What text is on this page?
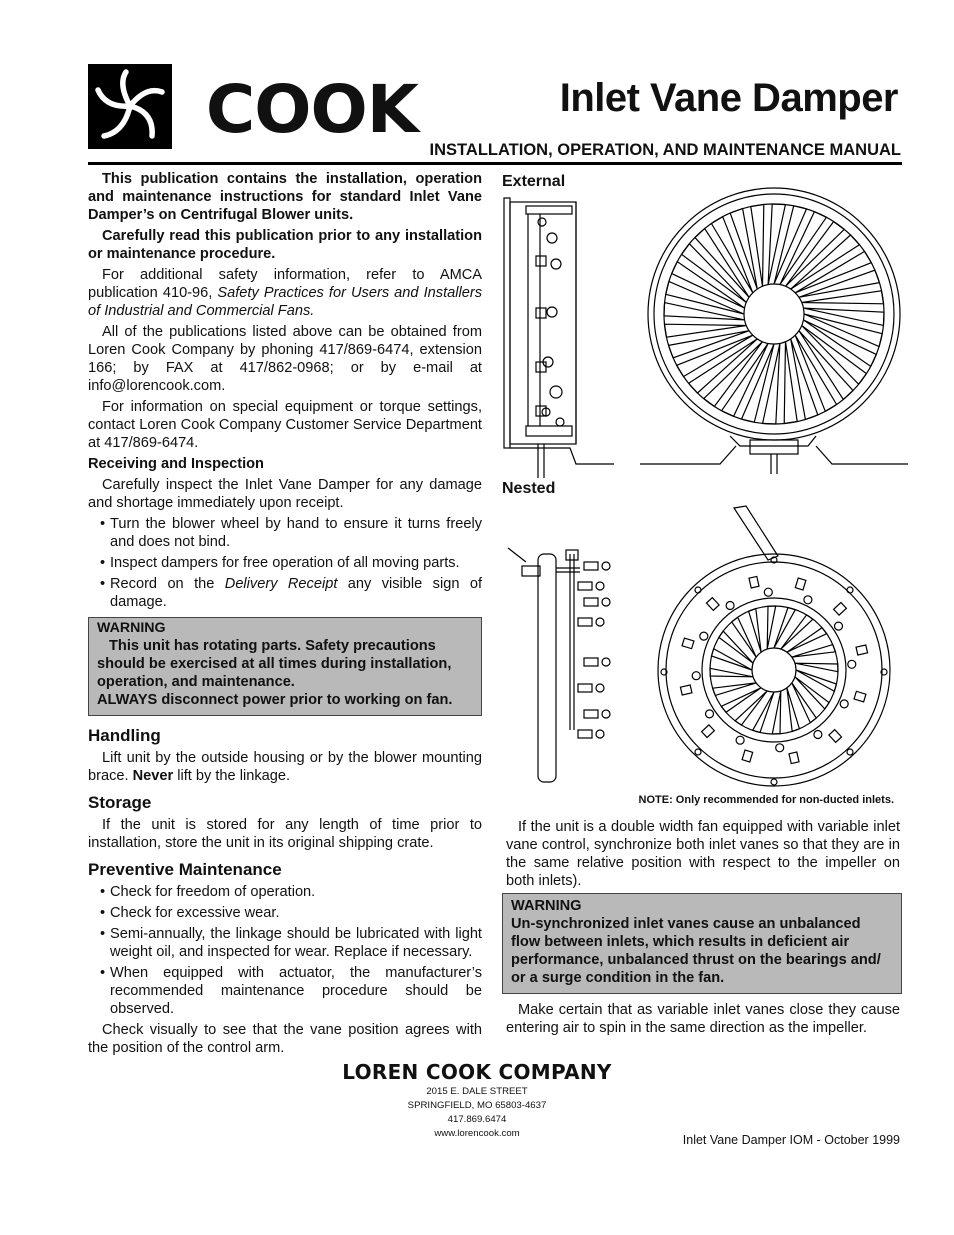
COOK	Inlet Vane Damper
INSTALLATION, OPERATION, AND MAINTENANCE MANUAL

This publication contains the installation, operation and maintenance instructions for standard Inlet Vane Damper’s on Centrifugal Blower units.

Carefully read this publication prior to any installation or maintenance procedure.

For additional safety information, refer to AMCA publication 410-96, Safety Practices for Users and Installers of Industrial and Commercial Fans.

All of the publications listed above can be obtained from Loren Cook Company by phoning 417/869-6474, extension 166; by FAX at 417/862-0968; or by e-mail at info@lorencook.com.

For information on special equipment or torque settings, contact Loren Cook Company Customer Service Department at 417/869-6474.

Receiving and Inspection

Carefully inspect the Inlet Vane Damper for any damage and shortage immediately upon receipt.

• Turn the blower wheel by hand to ensure it turns freely and does not bind.
• Inspect dampers for free operation of all moving parts.
• Record on the Delivery Receipt any visible sign of damage.
WARNING
This unit has rotating parts. Safety precautions should be exercised at all times during installation, operation, and maintenance.
ALWAYS disconnect power prior to working on fan.
Handling

Lift unit by the outside housing or by the blower mounting brace. Never lift by the linkage.

Storage

If the unit is stored for any length of time prior to installation, store the unit in its original shipping crate.

Preventive Maintenance
• Check for freedom of operation.
• Check for excessive wear.
• Semi-annually, the linkage should be lubricated with light weight oil, and inspected for wear. Replace if necessary.
• When equipped with actuator, the manufacturer’s recommended maintenance procedure should be observed.

Check visually to see that the vane position agrees with the position of the control arm.

External
Nested
NOTE: Only recommended for non-ducted inlets.

If the unit is a double width fan equipped with variable inlet vane control, synchronize both inlet vanes so that they are in the same relative position with respect to the impeller on both inlets).

WARNING
Un-synchronized inlet vanes cause an unbalanced flow between inlets, which results in deficient air performance, unbalanced thrust on the bearings and/ or a surge condition in the fan.

Make certain that as variable inlet vanes close they cause entering air to spin in the same direction as the impeller.

LOREN COOK COMPANY
2015 E. DALE STREET
SPRINGFIELD, MO 65803-4637
417.869.6474
www.lorencook.com	Inlet Vane Damper IOM - October 1999
